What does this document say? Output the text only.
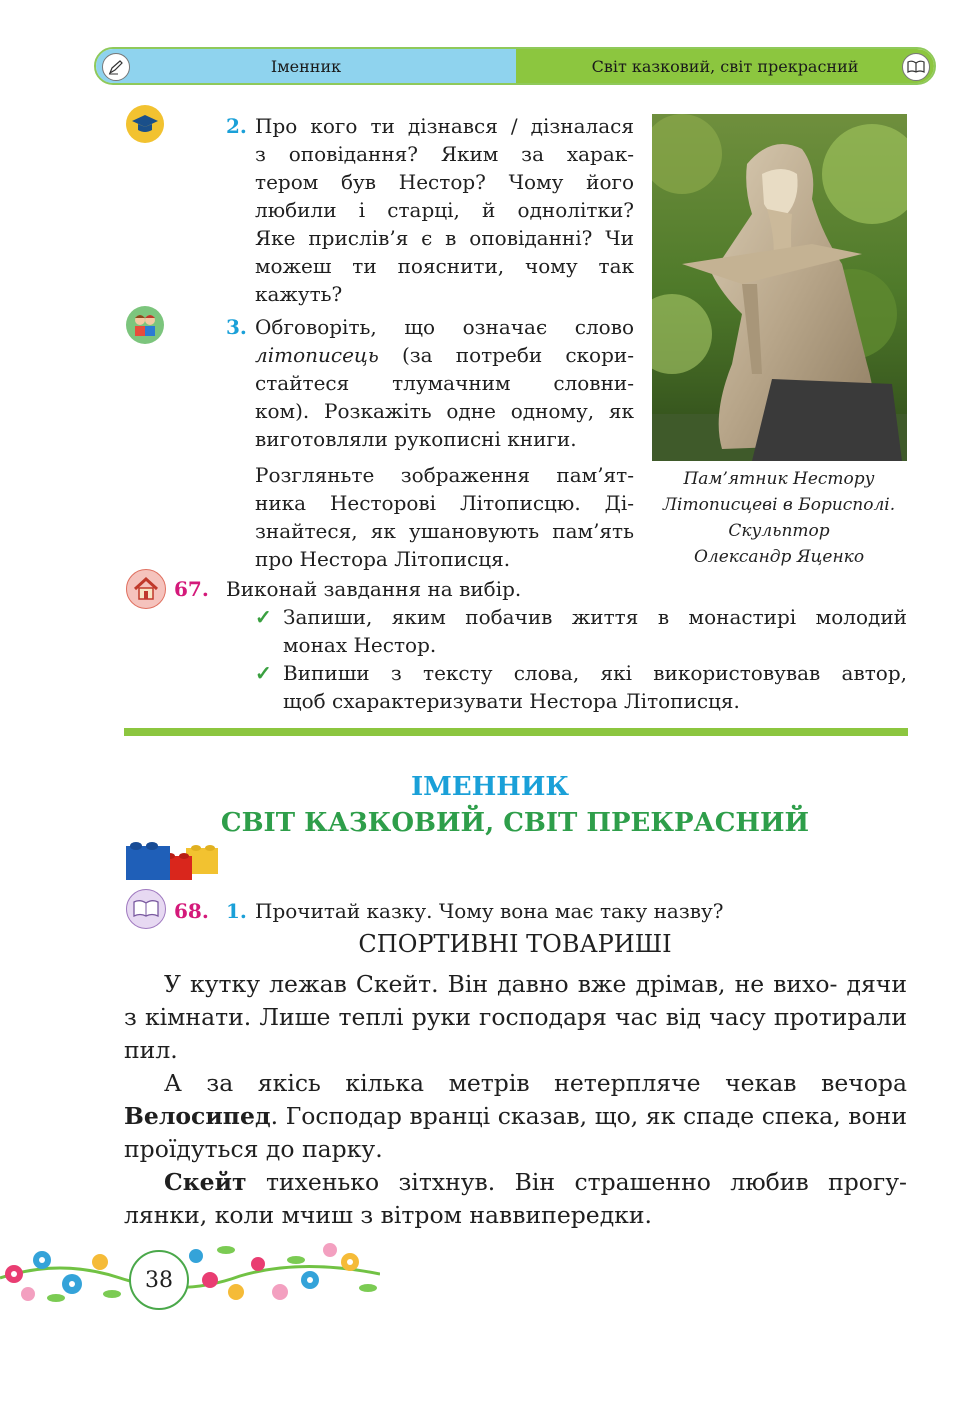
Іменник	Світ казковий, світ прекрасний
2. Про кого ти дізнався / дізналася
з оповідання? Яким за харак-
тером був Нестор? Чому його
любили і старці, й однолітки?
Яке прислів’я є в оповіданні? Чи
можеш ти пояснити, чому так
кажуть?
3. Обговоріть, що означає слово
літописець (за потреби скори-
стайтеся тлумачним словни-
ком). Розкажіть одне одному, як
виготовляли рукописні книги.
Розгляньте зображення пам’ят-
ника Несторові Літописцю. Ді-
знайтеся, як ушановують пам’ять
про Нестора Літописця.
Пам’ятник Нестору
Літописцеві в Борисполі.
Скульптор
Олександр Яценко
67. Виконай завдання на вибір.
✓ Запиши, яким побачив життя в монастирі молодий
монах Нестор.
✓ Випиши з тексту слова, які використовував автор,
щоб схарактеризувати Нестора Літописця.
ІМЕННИК
СВІТ КАЗКОВИЙ, СВІТ ПРЕКРАСНИЙ
68. 1. Прочитай казку. Чому вона має таку назву?
СПОРТИВНІ ТОВАРИШІ

У кутку лежав Скейт. Він давно вже дрімав, не вихо- дячи з кімнати. Лише теплі руки господаря час від часу протирали пил.

А за якісь кілька метрів нетерпляче чекав вечора Велосипед. Господар вранці сказав, що, як спаде спека, вони проїдуться до парку.

Скейт тихенько зітхнув. Він страшенно любив прогу- лянки, коли мчиш з вітром наввипередки.

38
